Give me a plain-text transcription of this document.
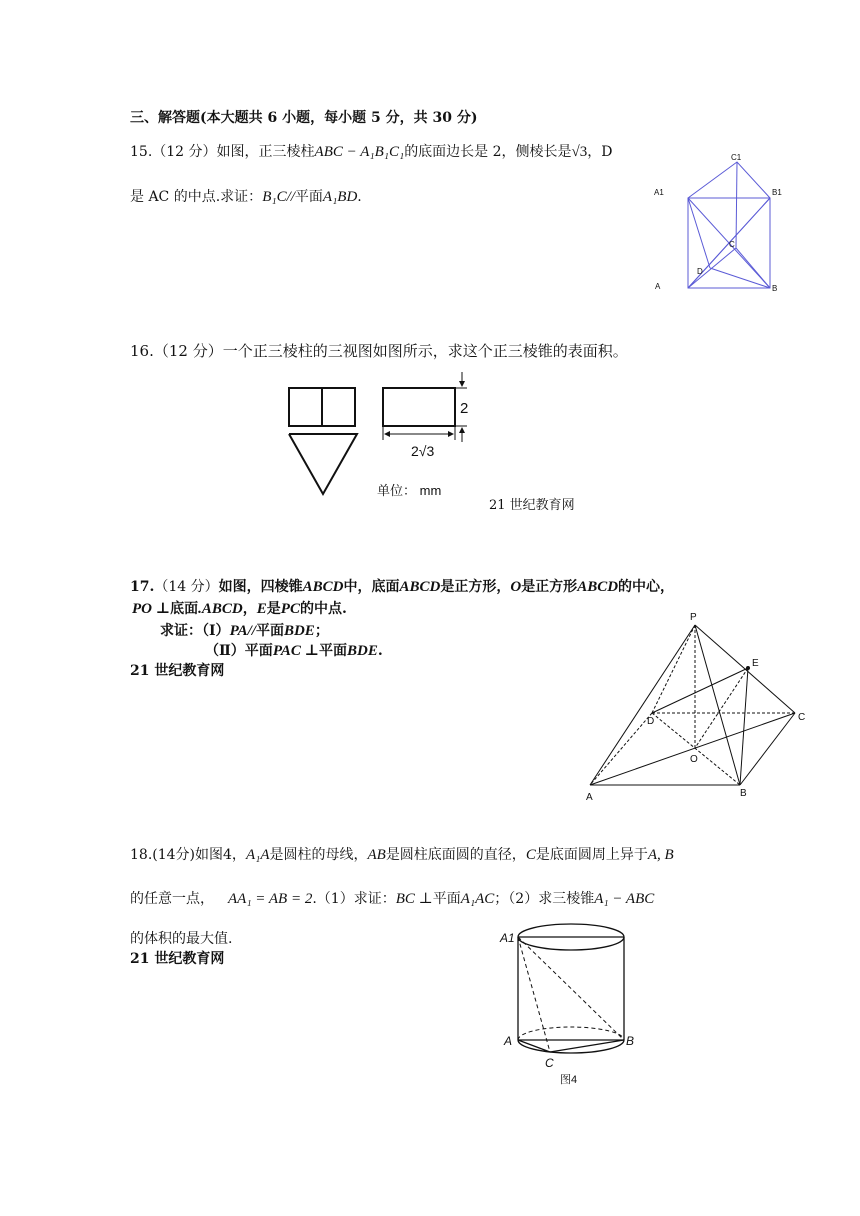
三、解答题(本大题共 6 小题，每小题 5 分，共 30 分)
15.（12 分）如图，正三棱柱ABC − A₁B₁C₁的底面边长是 2，侧棱长是√3，D
是 AC 的中点.求证：B₁C//平面A₁BD.
C1
A1	B1
C
D
A	B
16.（12 分）一个正三棱柱的三视图如图所示，求这个正三棱锥的表面积。
2
2√3
单位： mm
21 世纪教育网
17.（14 分）如图，四棱锥ABCD中，底面ABCD是正方形，O是正方形ABCD的中心，
PO ⊥底面.ABCD，E是PC的中点.
求证：（Ⅰ）PA//平面BDE；
（Ⅱ）平面PAC ⊥平面BDE.
21 世纪教育网
P
E
D	C
O
A	B
18.(14分)如图4，A₁A是圆柱的母线，AB是圆柱底面圆的直径，C是底面圆周上异于A, B
的任意一点， AA₁ = AB = 2.（1）求证：BC ⊥平面A₁AC；（2）求三棱锥A₁ − ABC
的体积的最大值.
21 世纪教育网
A1
A	B
C
图4
